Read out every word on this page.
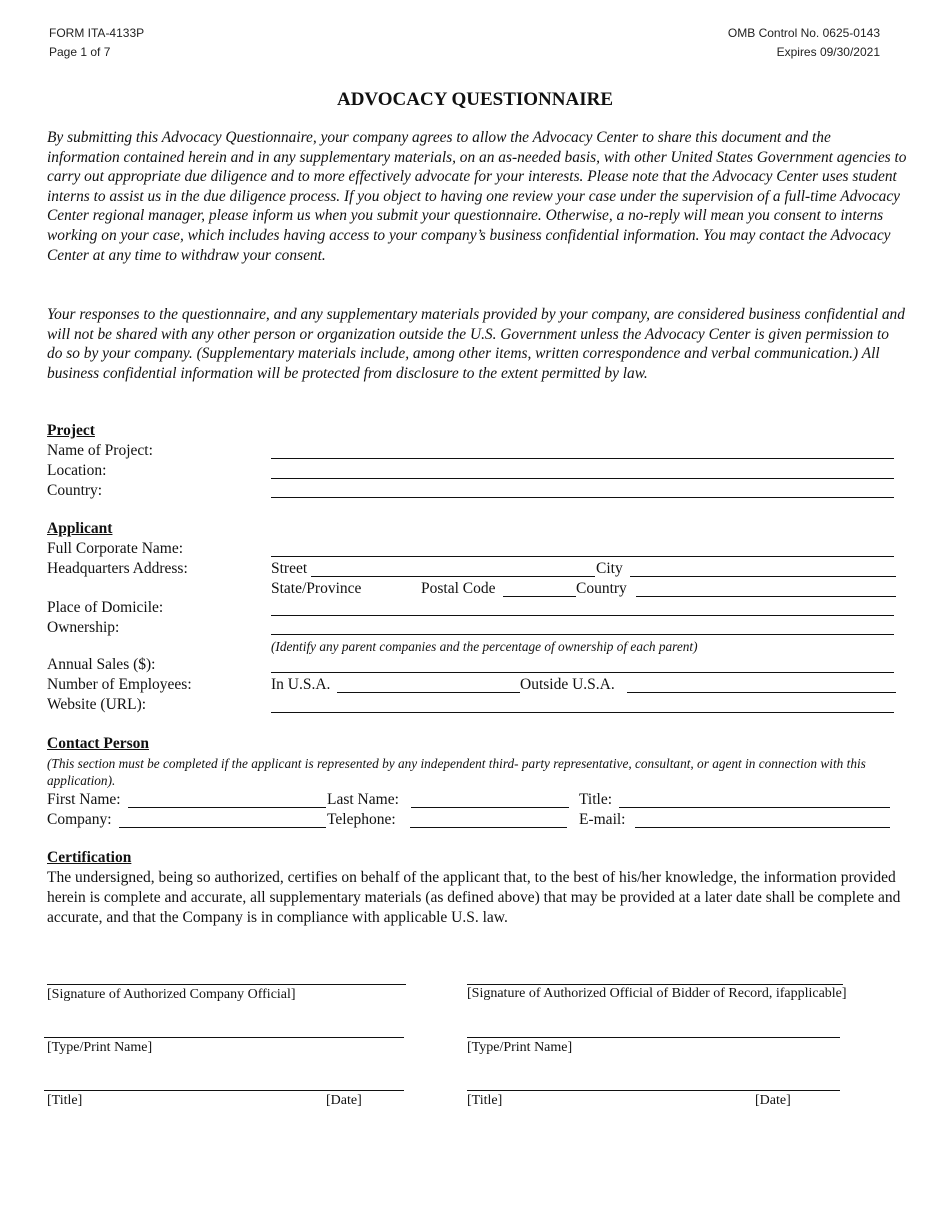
FORM ITA-4133P
Page 1 of 7
OMB Control No. 0625-0143
Expires 09/30/2021
ADVOCACY QUESTIONNAIRE
By submitting this Advocacy Questionnaire, your company agrees to allow the Advocacy Center to share this document and the information contained herein and in any supplementary materials, on an as-needed basis, with other United States Government agencies to carry out appropriate due diligence and to more effectively advocate for your interests. Please note that the Advocacy Center uses student interns to assist us in the due diligence process. If you object to having one review your case under the supervision of a full-time Advocacy Center regional manager, please inform us when you submit your questionnaire. Otherwise, a no-reply will mean you consent to interns working on your case, which includes having access to your company’s business confidential information. You may contact the Advocacy Center at any time to withdraw your consent.
Your responses to the questionnaire, and any supplementary materials provided by your company, are considered business confidential and will not be shared with any other person or organization outside the U.S. Government unless the Advocacy Center is given permission to do so by your company. (Supplementary materials include, among other items, written correspondence and verbal communication.) All business confidential information will be protected from disclosure to the extent permitted by law.
Project
Name of Project:
Location:
Country:
Applicant
Full Corporate Name:
Headquarters Address:	Street	City
State/Province	Postal Code	Country
Place of Domicile:
Ownership:
(Identify any parent companies and the percentage of ownership of each parent)
Annual Sales ($):
Number of Employees:	In U.S.A.	Outside U.S.A.
Website (URL):
Contact Person
(This section must be completed if the applicant is represented by any independent third- party representative, consultant, or agent in connection with this application).
First Name:	Last Name:	Title:
Company:	Telephone:	E-mail:
Certification
The undersigned, being so authorized, certifies on behalf of the applicant that, to the best of his/her knowledge, the information provided herein is complete and accurate, all supplementary materials (as defined above) that may be provided at a later date shall be complete and accurate, and that the Company is in compliance with applicable U.S. law.
[Signature of Authorized Company Official]	[Signature of Authorized Official of Bidder of Record, ifapplicable]
[Type/Print Name]	[Type/Print Name]
[Title]	[Date]	[Title]	[Date]
